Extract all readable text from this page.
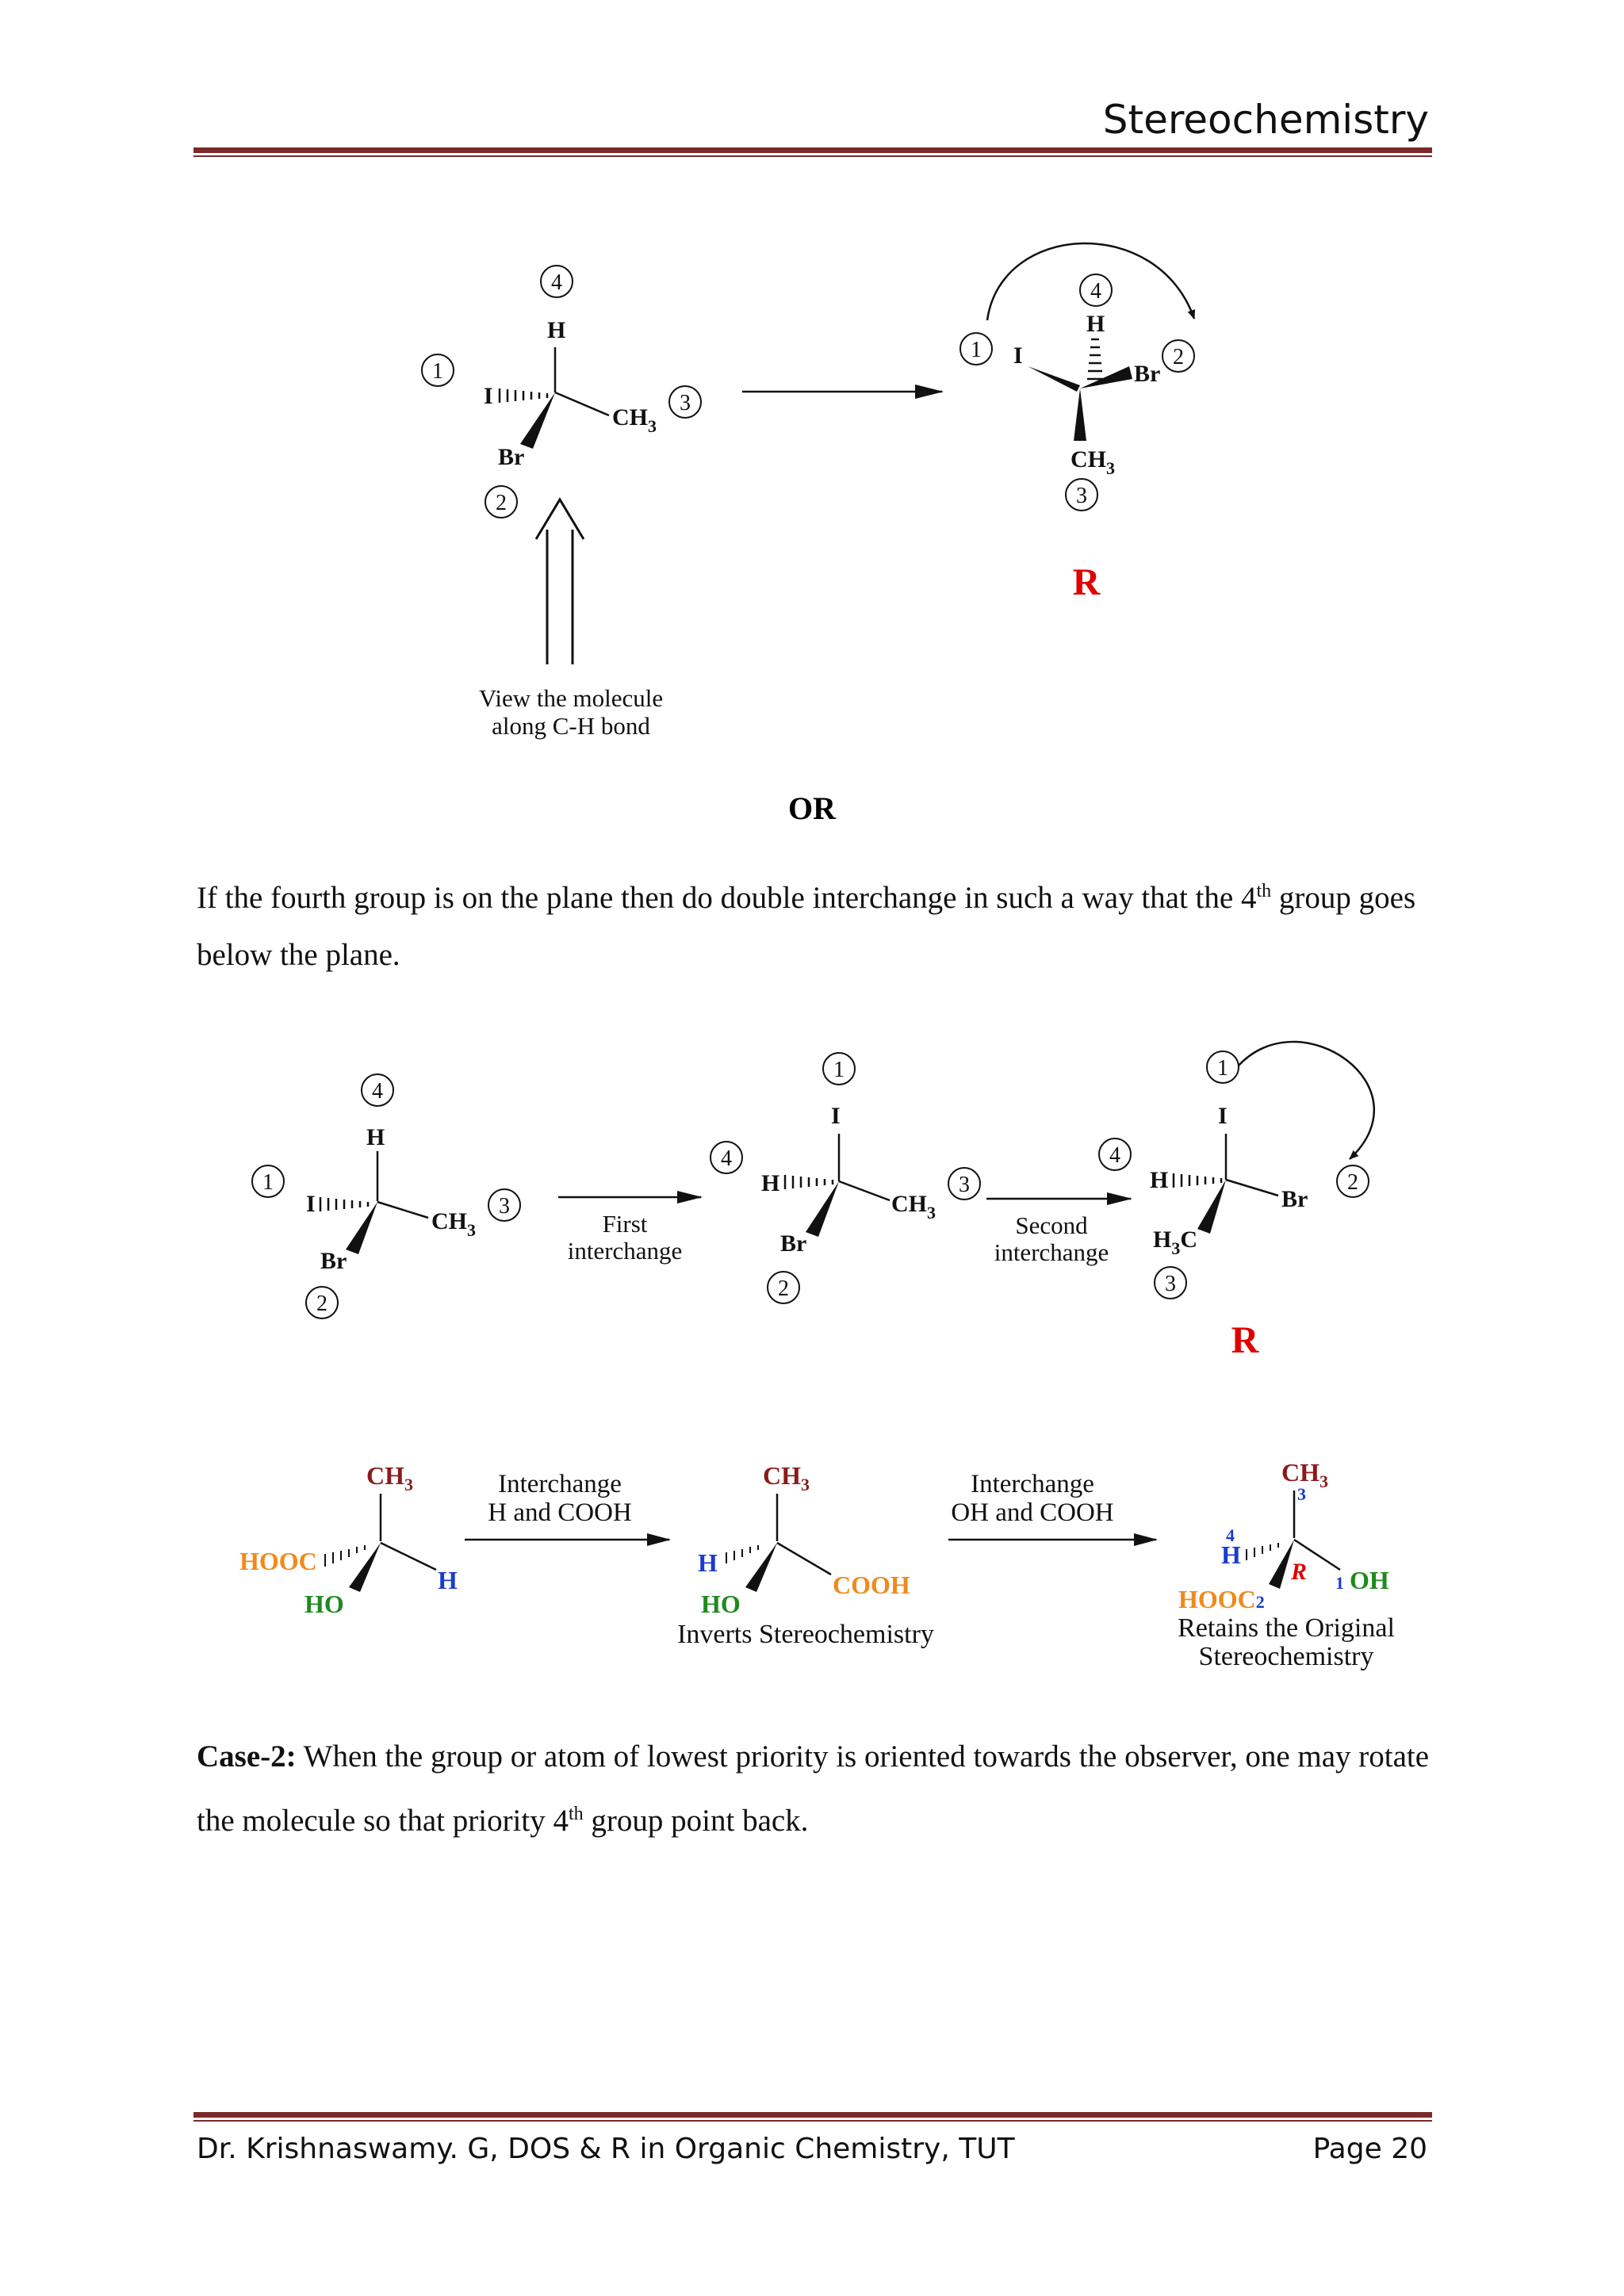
Stereochemistry
4
H
1
I
$CH_3$
3
Br
2
View the molecule
along C-H bond
4
H
1 I
Br
2
$CH_3$
3
R
OR
If the fourth group is on the plane then do double interchange in such a way that the 4th group goes below the plane.
4
H
1
I
$CH_3$
3
Br
2
First
interchange
1
I
4
H
$CH_3$
3
Br
2
Second
interchange
1
I
4
H
Br
2
$H_3C$
3
R
$CH_3$
HOOC
H
HO
Interchange
H and COOH
$CH_3$
H
COOH
HO
Inverts Stereochemistry
Interchange
OH and COOH
$CH_3$
3
4
H
R 1 OH
HOOC2
Retains the Original
Stereochemistry
Case-2: When the group or atom of lowest priority is oriented towards the observer, one may rotate the molecule so that priority 4th group point back.
Dr. Krishnaswamy. G, DOS & R in Organic Chemistry, TUT	Page 20
